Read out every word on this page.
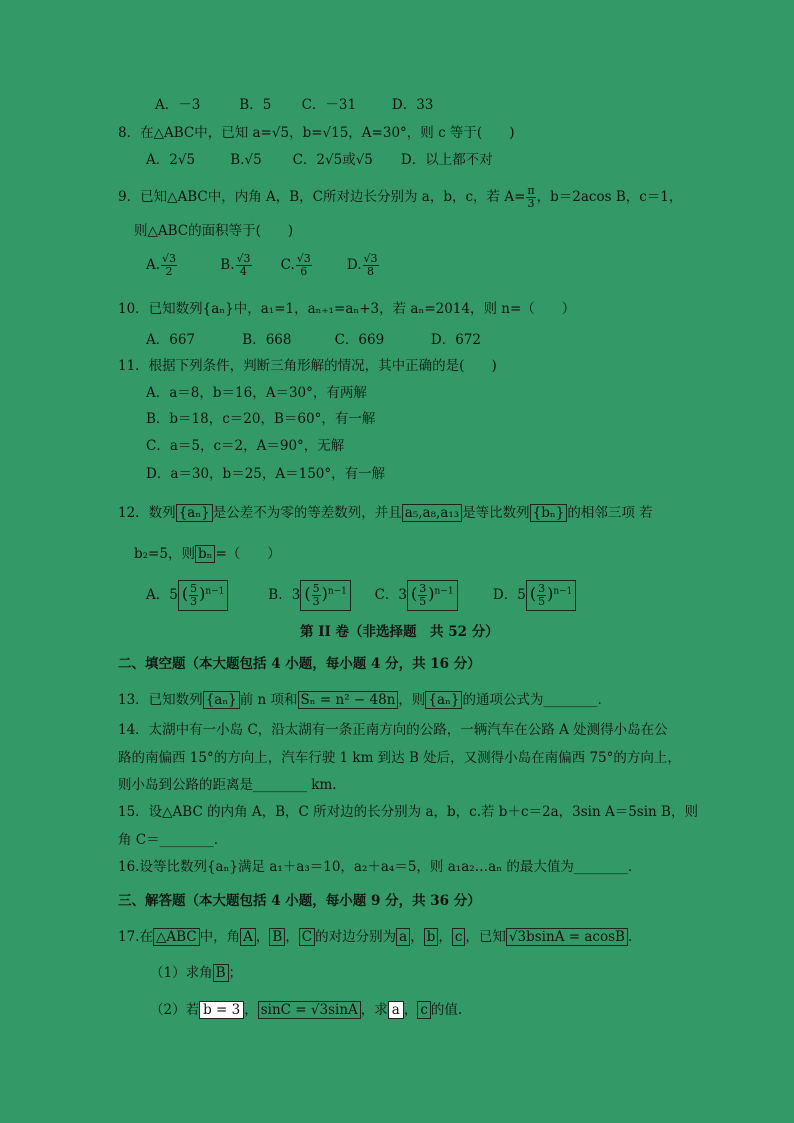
A．－3	B．5 C．－31	D．33
8．在△ABC中，已知 a=√5，b=√15，A=30°，则 c 等于(　　)
A．2√5	B.√5 C．2√5或√5 D．以上都不对
9．已知△ABC中，内角 A，B，C所对边长分别为 a，b，c，若 $A= \frac{\pi}{3}$ ，b＝2acos B，c＝1，
则△ABC的面积等于(　　)
A. $\frac{√3}{2}$	B. $\frac{√3}{4} C$. $\frac{√3}{6}$	D. $\frac{√3}{8}$
10．已知数列{aₙ}中，a₁=1，aₙ₊₁=aₙ+3，若 aₙ=2014，则 n=（　　）
A．667	B．668	C．669	D．672
11．根据下列条件，判断三角形解的情况，其中正确的是(　　)
A．a＝8，b＝16，A＝30°，有两解
B．b＝18，c＝20，B＝60°，有一解
C．a＝5，c＝2，A＝90°，无解
D．a＝30，b＝25，A＝150°，有一解
12．数列 {aₙ} 是公差不为零的等差数列，并且 a₅,a₈,a₁₃ 是等比数列 {bₙ} 的相邻三项 若
b₂=5，则 bₙ =（　　）
A．5 ( $\frac{5}{3} )^{n-1}$	B．3 ( $\frac{5}{3} )^{n-1}$ C．3 ( $\frac{3}{5} )^{n-1}$	D．5 ( $\frac{3}{5} )^{n-1}$
第 II 卷（非选择题　共 52 分）
二、填空题（本大题包括 4 小题，每小题 4 分，共 16 分）
13．已知数列 {aₙ} 前 n 项和 Sₙ = n² − 48n ，则 {aₙ} 的通项公式为________．
14．太湖中有一小岛 C，沿太湖有一条正南方向的公路，一辆汽车在公路 A 处测得小岛在公
路的南偏西 15°的方向上，汽车行驶 1 km 到达 B 处后，又测得小岛在南偏西 75°的方向上，
则小岛到公路的距离是________ km.
15．设△ABC 的内角 A，B，C 所对边的长分别为 a，b，c.若 b＋c＝2a，3sin A＝5sin B，则
角 C＝________.
16.设等比数列{aₙ}满足 a₁＋a₃＝10，a₂＋a₄＝5，则 a₁a₂…aₙ 的最大值为________．
三、解答题（本大题包括 4 小题，每小题 9 分，共 36 分）
17.在 △ABC 中，角 A ， B ， C 的对边分别为 a ， b ， c ，已知 √3bsinA = acosB .
（1）求角 B ；
（2）若 b = 3 ， sinC = √3sinA ，求 a ， c 的值.
